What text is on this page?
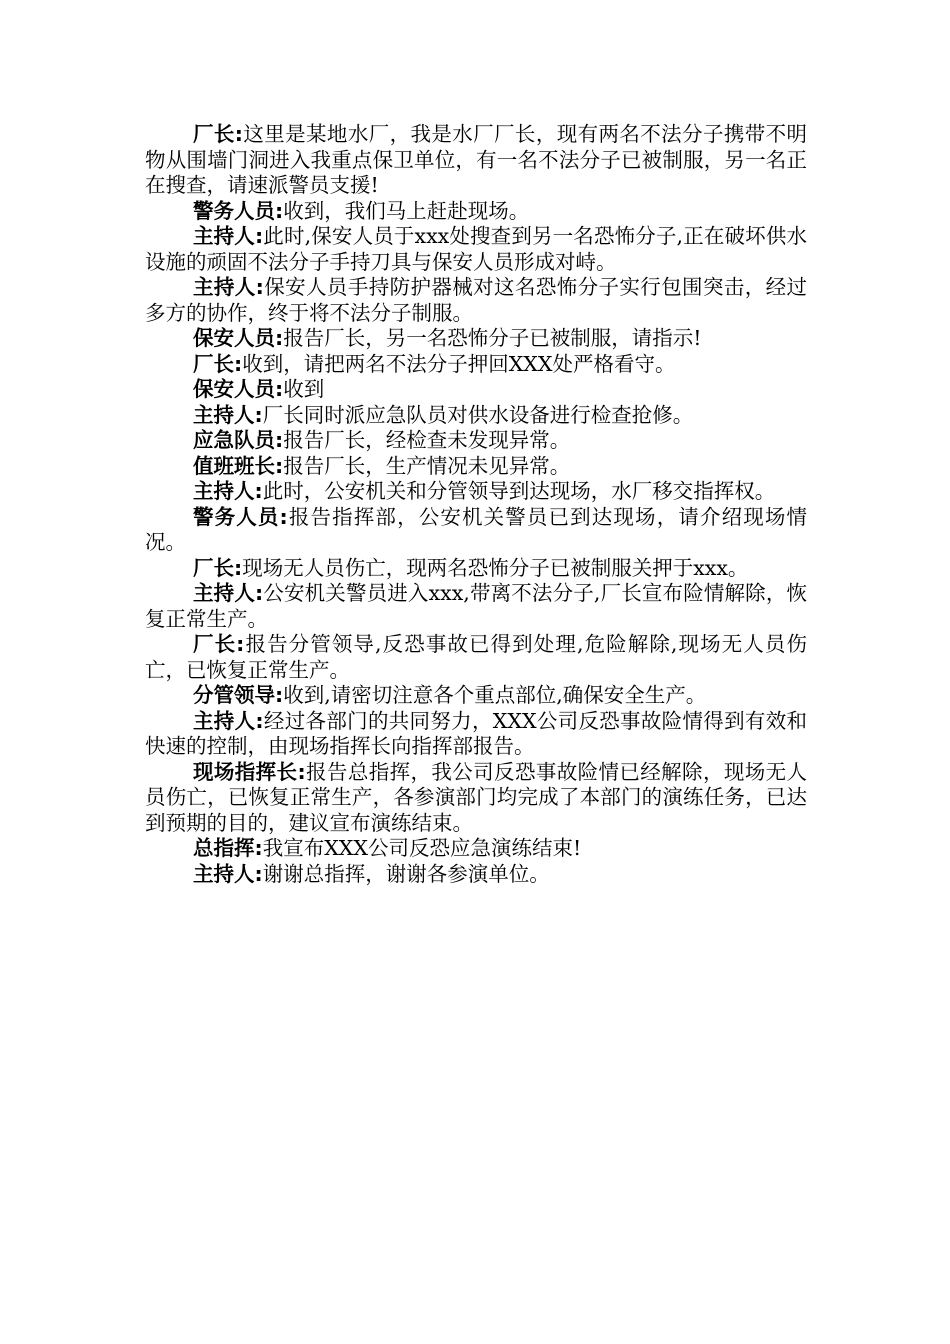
厂长:这里是某地水厂，我是水厂厂长，现有两名不法分子携带不明物从围墙门洞进入我重点保卫单位，有一名不法分子已被制服，另一名正在搜查，请速派警员支援!

警务人员:收到，我们马上赶赴现场。

主持人:此时,保安人员于xxx处搜查到另一名恐怖分子,正在破坏供水设施的顽固不法分子手持刀具与保安人员形成对峙。

主持人:保安人员手持防护器械对这名恐怖分子实行包围突击，经过多方的协作，终于将不法分子制服。

保安人员:报告厂长，另一名恐怖分子已被制服，请指示!

厂长:收到，请把两名不法分子押回XXX处严格看守。

保安人员:收到

主持人:厂长同时派应急队员对供水设备进行检查抢修。

应急队员:报告厂长，经检查未发现异常。

值班班长:报告厂长，生产情况未见异常。

主持人:此时，公安机关和分管领导到达现场，水厂移交指挥权。

警务人员:报告指挥部，公安机关警员已到达现场，请介绍现场情况。

厂长:现场无人员伤亡，现两名恐怖分子已被制服关押于xxx。

主持人:公安机关警员进入xxx,带离不法分子,厂长宣布险情解除，恢复正常生产。

厂长:报告分管领导,反恐事故已得到处理,危险解除,现场无人员伤亡，已恢复正常生产。

分管领导:收到,请密切注意各个重点部位,确保安全生产。

主持人:经过各部门的共同努力，XXX公司反恐事故险情得到有效和快速的控制，由现场指挥长向指挥部报告。

现场指挥长:报告总指挥，我公司反恐事故险情已经解除，现场无人员伤亡，已恢复正常生产，各参演部门均完成了本部门的演练任务，已达到预期的目的，建议宣布演练结束。

总指挥:我宣布XXX公司反恐应急演练结束!

主持人:谢谢总指挥，谢谢各参演单位。
